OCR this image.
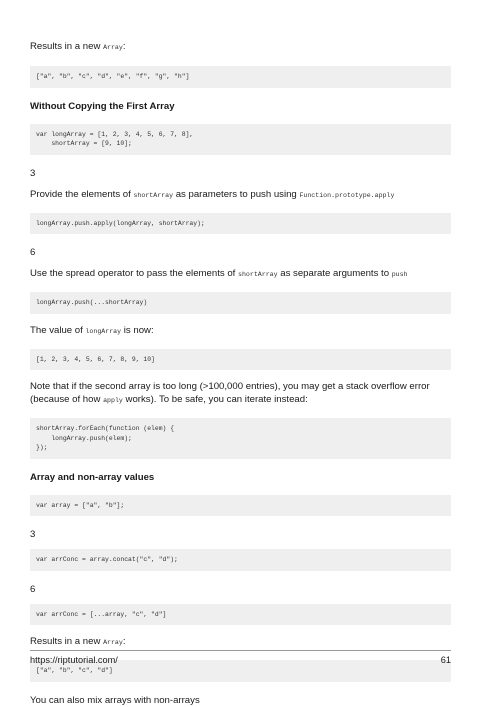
Results in a new Array:

["a", "b", "c", "d", "e", "f", "g", "h"]

Without Copying the First Array

var longArray = [1, 2, 3, 4, 5, 6, 7, 8],
shortArray = [9, 10];

3

Provide the elements of shortArray as parameters to push using Function.prototype.apply

longArray.push.apply(longArray, shortArray);

6

Use the spread operator to pass the elements of shortArray as separate arguments to push

longArray.push(...shortArray)

The value of longArray is now:

[1, 2, 3, 4, 5, 6, 7, 8, 9, 10]

Note that if the second array is too long (>100,000 entries), you may get a stack overflow error (because of how apply works). To be safe, you can iterate instead:

shortArray.forEach(function (elem) {
longArray.push(elem);
});

Array and non-array values

var array = ["a", "b"];

3

var arrConc = array.concat("c", "d");

6

var arrConc = [...array, "c", "d"]

Results in a new Array:

["a", "b", "c", "d"]

You can also mix arrays with non-arrays

https://riptutorial.com/	61
